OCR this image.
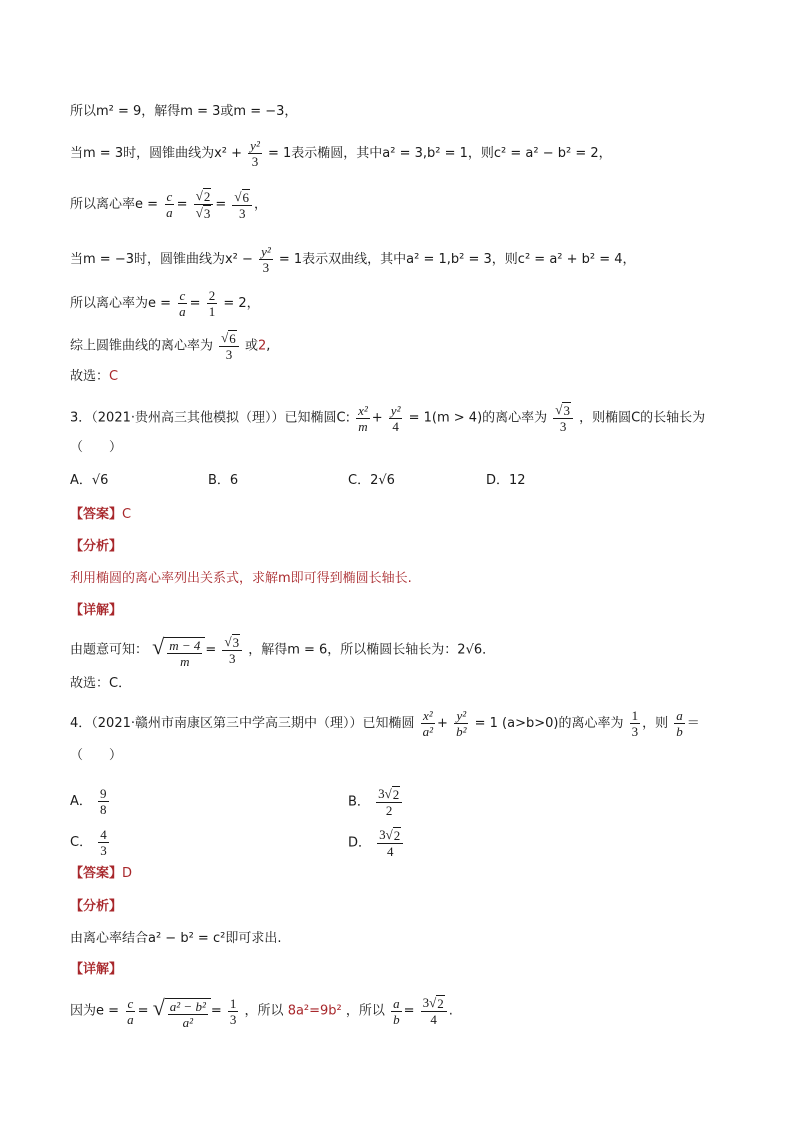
所以m² = 9，解得m = 3或m = −3，
当m = 3时，圆锥曲线为$x^2 + \frac{\text{y²}}{3} = 1$表示椭圆，其中a² = 3,b² = 1，则c² = a² − b² = 2，
所以离心率$e = \frac{c}{a} = \frac{√ 2}{√ 3} = \frac{√ 6}{3}$ ，
当m = −3时，圆锥曲线为$x^2 - \frac{\text{y²}}{3} = 1$表示双曲线，其中a² = 1,b² = 3，则c² = a² + b² = 4，
所以离心率为$e = \frac{c}{a} = \frac{2}{1} = 2$，
综上圆锥曲线的离心率为 $\frac{√ 6}{3}$ 或2,
故选：C
3．（2021·贵州高三其他模拟（理））已知椭圆C: $\frac{\text{x²}}{m} + \frac{\text{y²}}{4} = 1(m > 4)$的离心率为 $\frac{√ 3}{3}$ ，则椭圆C的长轴长为
（　　）
A．√6	B．6	C．2√6	D．12
【答案】C
【分析】
利用椭圆的离心率列出关系式，求解m即可得到椭圆长轴长.
【详解】
由题意可知： √ $\frac{m - 4}{m} = \frac{√ 3}{3}$ ，解得m = 6，所以椭圆长轴长为：2√6．
故选：C．
4．（2021·赣州市南康区第三中学高三期中（理））已知椭圆 $\frac{\text{x²}}{\text{a²}} + \frac{\text{y²}}{\text{b²}} = 1$ (a>b>0)的离心率为 $\frac{1}{3}$ ，则 $\frac{a}{b}$ ＝
（　　）
A． $\frac{9}{8}$	B． $\frac{3 √ 2}{2}$
C． $\frac{4}{3}$	D． $\frac{3 √ 2}{4}$
【答案】D
【分析】
由离心率结合a² − b² = c²即可求出.
【详解】
因为$e = \frac{c}{a}$ = √ $\frac{\text{a² − b²}}{\text{a²}} = \frac{1}{3}$ ，所以 8a²=9b² ，所以 $\frac{a}{b} = \frac{3 √ 2}{4}$ .
